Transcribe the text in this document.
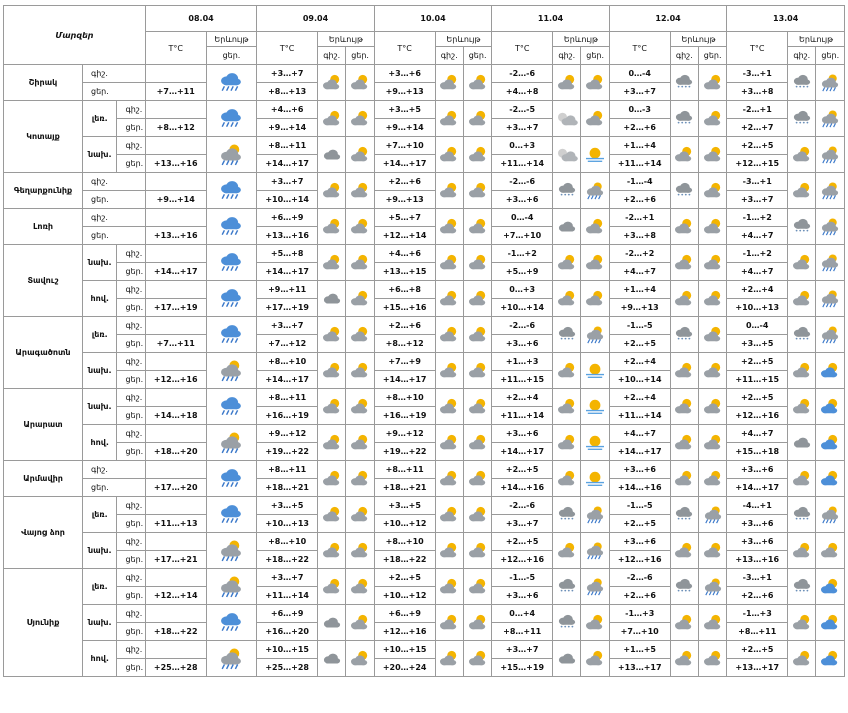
Մարզեր			08.04		09.04			10.04			11.04			12.04			13.04		
			T°C	Երևույթ	T°C	Երևույթ		T°C	Երևույթ		T°C	Երևույթ		T°C	Երևույթ		T°C	Երևույթ	
				ցեր.		գիշ.	ցեր.		գիշ.	ցեր.		գիշ.	ցեր.		գիշ.	ցեր.		գիշ.	ցեր.
Շիրակ	գիշ.				+3…+7			+3…+6			-2…-6			0…-4			-3…+1	

	ցեր.		+7…+11		+8…+13			+9…+13			+4…+8			+3…+7			+3…+8		
Կոտայք	լեռ.	գիշ.			+4…+6			+3…+5			-2…-5			0…-3			-2…+1	

		ցեր.	+8…+12		+9…+14			+9…+14			+3…+7			+2…+6			+2…+7		
	նախ.	գիշ.			+8…+11			+7…+10			0…+3			+1…+4			+2…+5	

		ցեր.	+13…+16		+14…+17			+14…+17			+11…+14			+11…+14			+12…+15		
Գեղարքունիք	գիշ.				+3…+7			+2…+6			-2…-6			-1…-4			-3…+1	

	ցեր.		+9…+14		+10…+14			+9…+13			+3…+6			+2…+6			+3…+7		
Լոռի	գիշ.				+6…+9			+5…+7			0…-4			-2…+1			-1…+2	

	ցեր.		+13…+16		+13…+16			+12…+14			+7…+10			+3…+8			+4…+7		
Տավուշ	նախ.	գիշ.			+5…+8			+4…+6			-1…+2			-2…+2			-1…+2	

		ցեր.	+14…+17		+14…+17			+13…+15			+5…+9			+4…+7			+4…+7		
	հով.	գիշ.			+9…+11			+6…+8			0…+3			+1…+4			+2…+4	

		ցեր.	+17…+19		+17…+19			+15…+16			+10…+14			+9…+13			+10…+13		
Արագածոտն	լեռ.	գիշ.			+3…+7			+2…+6			-2…-6			-1…-5			0…-4	

		ցեր.	+7…+11		+7…+12			+8…+12			+3…+6			+2…+5			+3…+5		
	նախ.	գիշ.			+8…+10			+7…+9			+1…+3			+2…+4			+2…+5	

		ցեր.	+12…+16		+14…+17			+14…+17			+11…+15			+10…+14			+11…+15		
Արարատ	նախ.	գիշ.			+8…+11			+8…+10			+2…+4			+2…+4			+2…+5	

		ցեր.	+14…+18		+16…+19			+16…+19			+11…+14			+11…+14			+12…+16		
	հով.	գիշ.			+9…+12			+9…+12			+3…+6			+4…+7			+4…+7	

		ցեր.	+18…+20		+19…+22			+19…+22			+14…+17			+14…+17			+15…+18		
Արմավիր	գիշ.				+8…+11			+8…+11			+2…+5			+3…+6			+3…+6	

	ցեր.		+17…+20		+18…+21			+18…+21			+14…+16			+14…+16			+14…+17		
Վայոց ձոր	լեռ.	գիշ.			+3…+5			+3…+5			-2…-6			-1…-5			-4…+1	

		ցեր.	+11…+13		+10…+13			+10…+12			+3…+7			+2…+5			+3…+6		
	նախ.	գիշ.			+8…+10			+8…+10			+2…+5			+3…+6			+3…+6	

		ցեր.	+17…+21		+18…+22			+18…+22			+12…+16			+12…+16			+13…+16		
Սյունիք	լեռ.	գիշ.			+3…+7			+2…+5			-1…-5			-2…-6			-3…+1	

		ցեր.	+12…+14		+11…+14			+10…+12			+3…+6			+2…+6			+2…+6		
	նախ.	գիշ.			+6…+9			+6…+9			0…+4			-1…+3			-1…+3	

		ցեր.	+18…+22		+16…+20			+12…+16			+8…+11			+7…+10			+8…+11		
	հով.	գիշ.			+10…+15			+10…+15			+3…+7			+1…+5			+2…+5	

		ցեր.	+25…+28		+25…+28			+20…+24			+15…+19			+13…+17			+13…+17		
